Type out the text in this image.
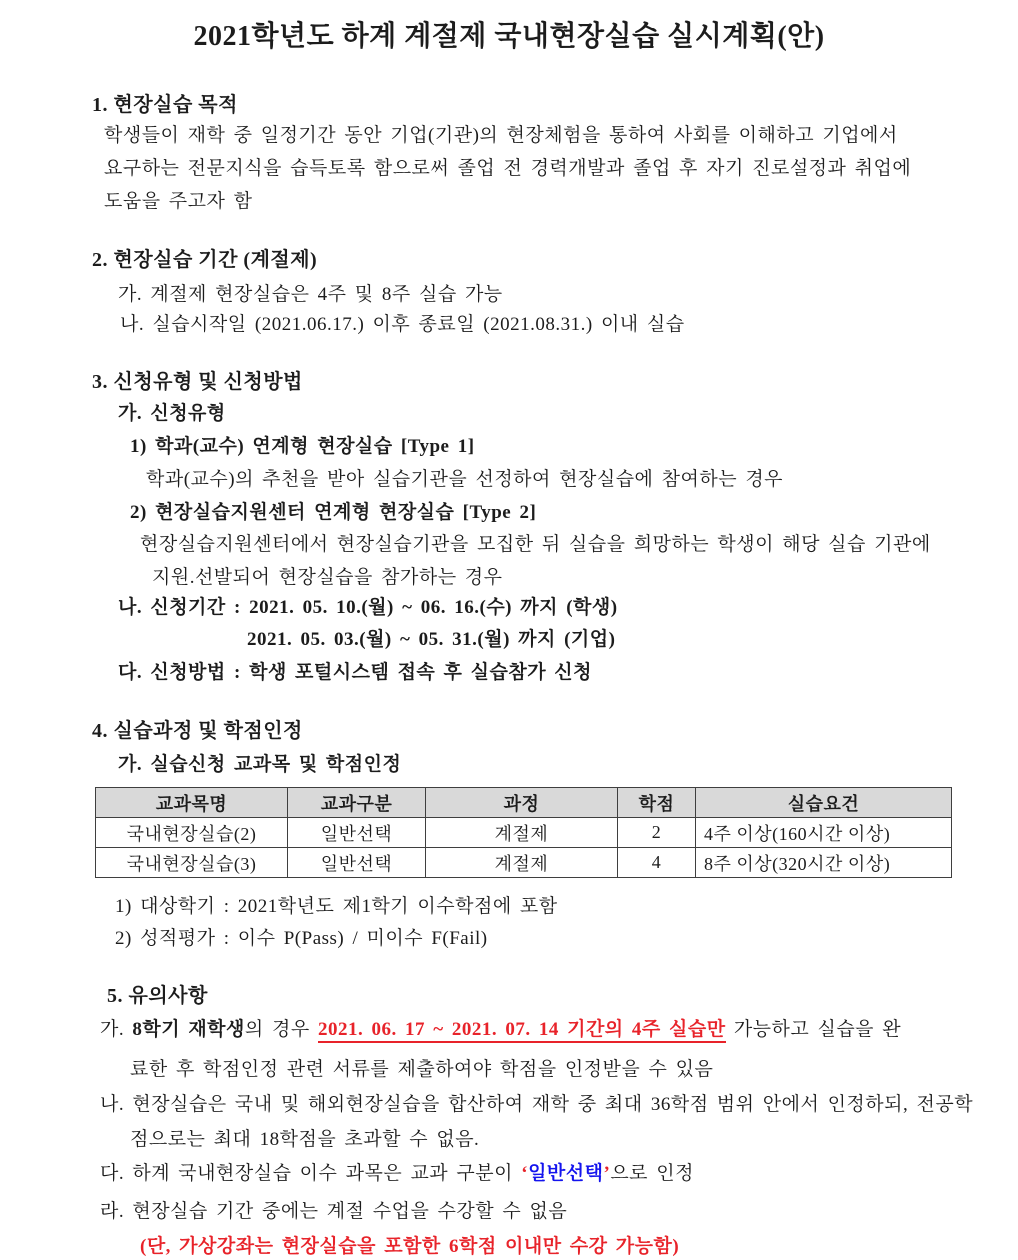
2021학년도 하계 계절제 국내현장실습 실시계획(안)
1. 현장실습 목적
학생들이 재학 중 일정기간 동안 기업(기관)의 현장체험을 통하여 사회를 이해하고 기업에서
요구하는 전문지식을 습득토록 함으로써 졸업 전 경력개발과 졸업 후 자기 진로설정과 취업에
도움을 주고자 함
2. 현장실습 기간 (계절제)
가. 계절제 현장실습은 4주 및 8주 실습 가능
나. 실습시작일 (2021.06.17.) 이후 종료일 (2021.08.31.) 이내 실습
3. 신청유형 및 신청방법
가. 신청유형
1) 학과(교수) 연계형 현장실습 [Type 1]
학과(교수)의 추천을 받아 실습기관을 선정하여 현장실습에 참여하는 경우
2) 현장실습지원센터 연계형 현장실습 [Type 2]
현장실습지원센터에서 현장실습기관을 모집한 뒤 실습을 희망하는 학생이 해당 실습 기관에
지원.선발되어 현장실습을 참가하는 경우
나. 신청기간 : 2021. 05. 10.(월) ~ 06. 16.(수) 까지 (학생)
2021. 05. 03.(월) ~ 05. 31.(월) 까지 (기업)
다. 신청방법 : 학생 포털시스템 접속 후 실습참가 신청
4. 실습과정 및 학점인정
가. 실습신청 교과목 및 학점인정
교과목명	교과구분	과정	학점	실습요건
국내현장실습(2)	일반선택	계절제	2	4주 이상(160시간 이상)
국내현장실습(3)	일반선택	계절제	4	8주 이상(320시간 이상)
1) 대상학기 : 2021학년도 제1학기 이수학점에 포함
2) 성적평가 : 이수 P(Pass) / 미이수 F(Fail)
5. 유의사항
가. 8학기 재학생의 경우 2021. 06. 17 ~ 2021. 07. 14 기간의 4주 실습만 가능하고 실습을 완
료한 후 학점인정 관련 서류를 제출하여야 학점을 인정받을 수 있음
나. 현장실습은 국내 및 해외현장실습을 합산하여 재학 중 최대 36학점 범위 안에서 인정하되, 전공학
점으로는 최대 18학점을 초과할 수 없음.
다. 하계 국내현장실습 이수 과목은 교과 구분이 ‘일반선택’으로 인정
라. 현장실습 기간 중에는 계절 수업을 수강할 수 없음
(단, 가상강좌는 현장실습을 포함한 6학점 이내만 수강 가능함)
